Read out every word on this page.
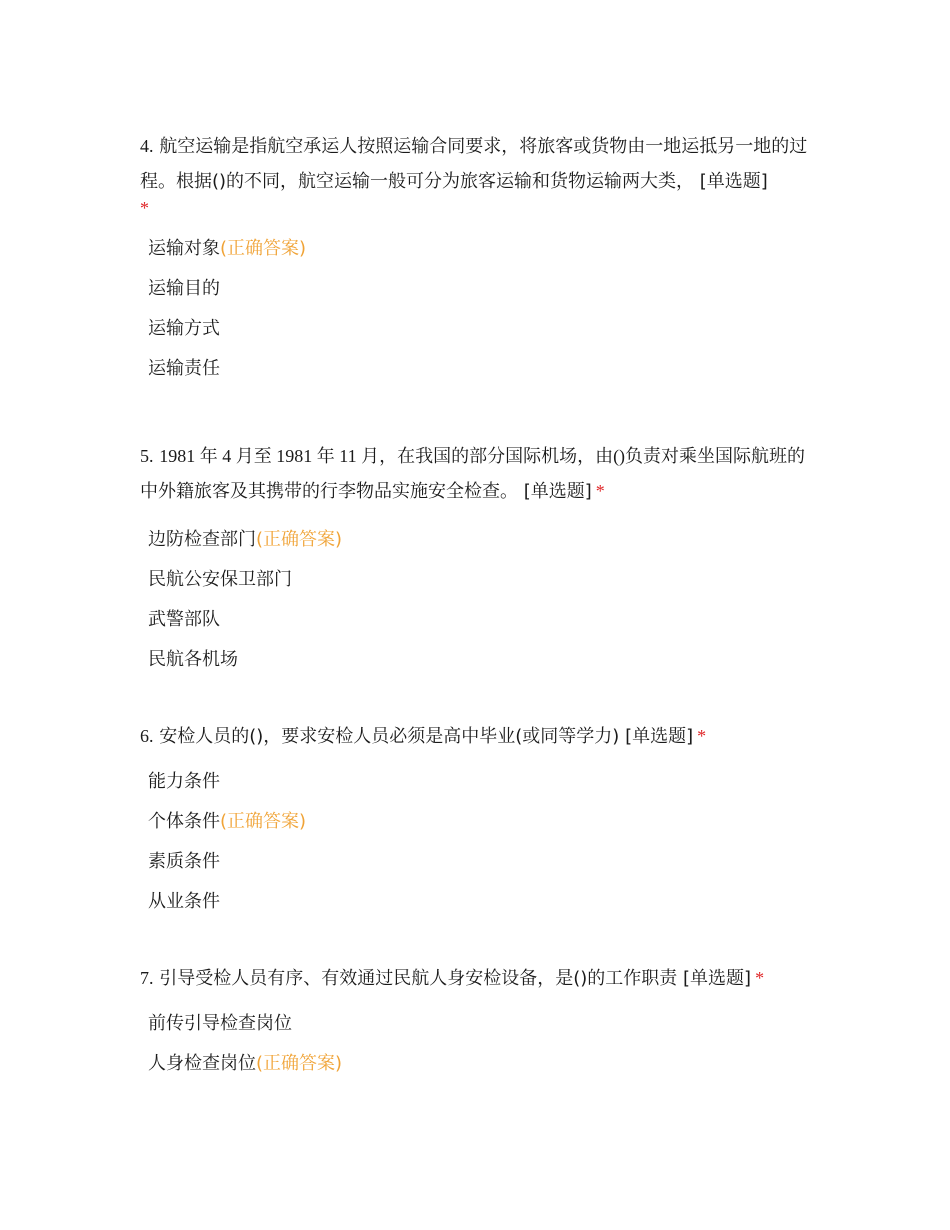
4. 航空运输是指航空承运人按照运输合同要求，将旅客或货物由一地运抵另一地的过程。根据()的不同，航空运输一般可分为旅客运输和货物运输两大类， [单选题]
*

运输对象(正确答案)
运输目的
运输方式
运输责任

5. 1981 年 4 月至 1981 年 11 月，在我国的部分国际机场，由()负责对乘坐国际航班的中外籍旅客及其携带的行李物品实施安全检查。 [单选题] *

边防检查部门(正确答案)
民航公安保卫部门
武警部队
民航各机场

6. 安检人员的()，要求安检人员必须是高中毕业(或同等学力) [单选题] *

能力条件
个体条件(正确答案)
素质条件
从业条件

7. 引导受检人员有序、有效通过民航人身安检设备，是()的工作职责 [单选题] *

前传引导检查岗位
人身检查岗位(正确答案)
